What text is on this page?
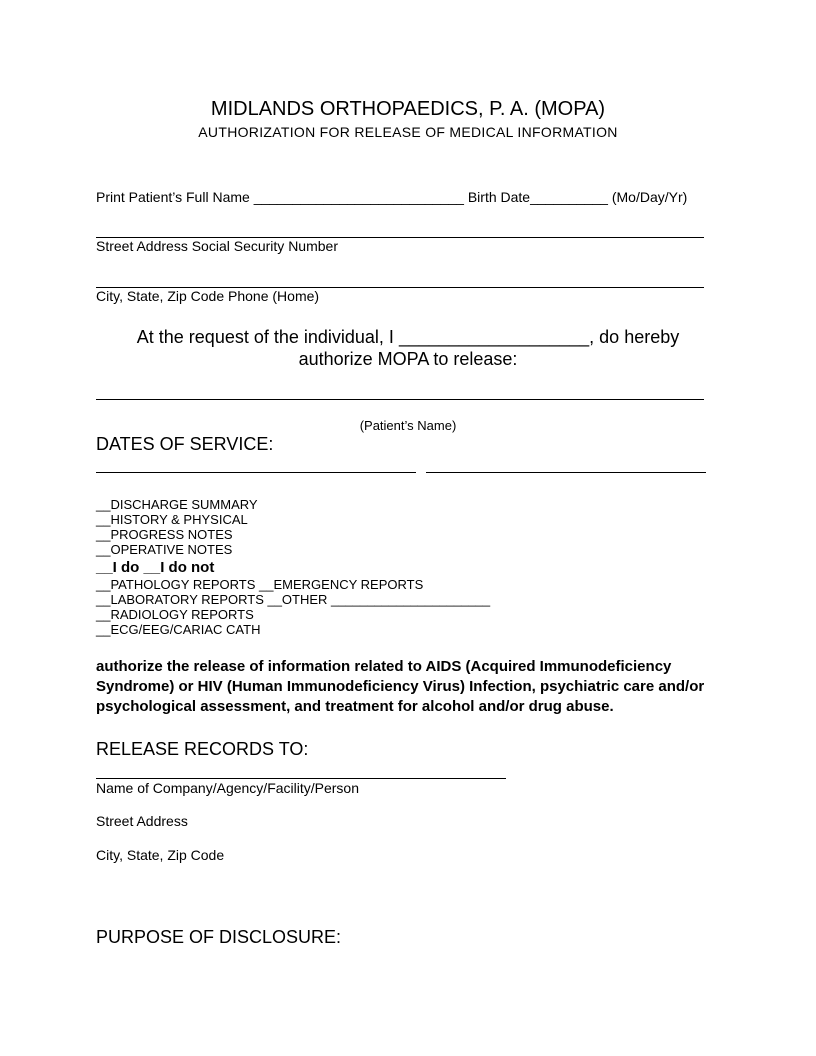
MIDLANDS ORTHOPAEDICS, P. A. (MOPA)
AUTHORIZATION FOR RELEASE OF MEDICAL INFORMATION
Print Patient’s Full Name ___________________________ Birth Date__________ (Mo/Day/Yr)
Street Address Social Security Number
City, State, Zip Code Phone (Home)
At the request of the individual, I ___________________, do hereby
authorize MOPA to release:
(Patient’s Name)
DATES OF SERVICE:
__DISCHARGE SUMMARY
__HISTORY & PHYSICAL
__PROGRESS NOTES
__OPERATIVE NOTES
__I do __I do not
__PATHOLOGY REPORTS __EMERGENCY REPORTS
__LABORATORY REPORTS __OTHER ______________________
__RADIOLOGY REPORTS
__ECG/EEG/CARIAC CATH
authorize the release of information related to AIDS (Acquired Immunodeficiency Syndrome) or HIV (Human Immunodeficiency Virus) Infection, psychiatric care and/or psychological assessment, and treatment for alcohol and/or drug abuse.
RELEASE RECORDS TO:
Name of Company/Agency/Facility/Person
Street Address
City, State, Zip Code
PURPOSE OF DISCLOSURE:
